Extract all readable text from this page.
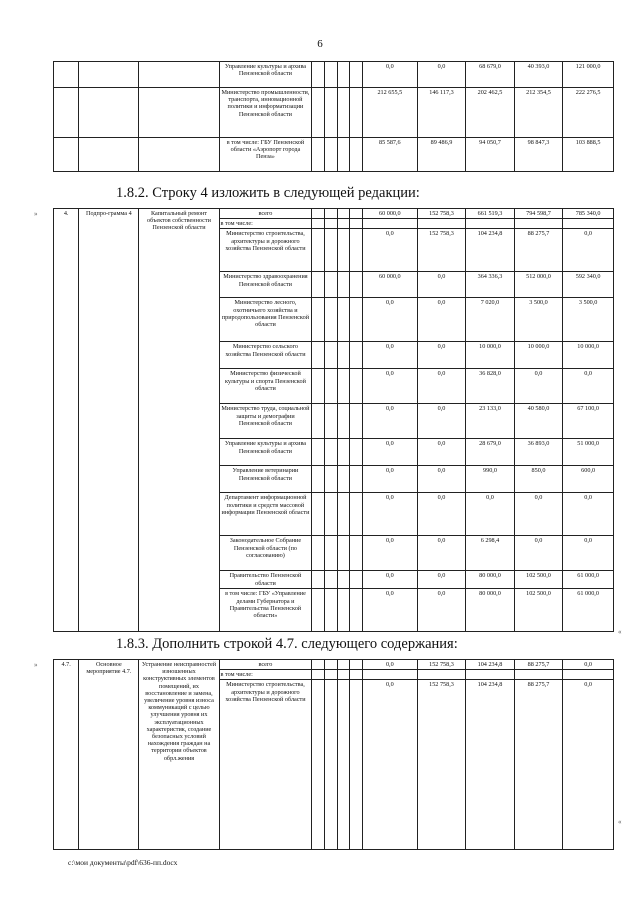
6
			Управление культуры и архива Пензенской области					0,0	0,0	68 679,0	40 393,0	121 000,0
			Министерство промышленности, транспорта, инновационной политики и информатизации Пензенской области					212 655,5	146 117,3	202 462,5	212 354,5	222 276,5
			в том числе: ГБУ Пензенской области «Аэропорт города Пенза»					85 587,6	89 486,9	94 050,7	98 847,3	103 888,5
1.8.2. Строку 4 изложить в следующей редакции:
4.	Подпро-грамма 4	Капитальный ремонт объектов собственности Пензенской области	всего					60 000,0	152 758,3	661 519,3	794 598,7	785 340,0
			в том числе:									
			Министерство строительства, архитектуры и дорожного хозяйства Пензенской области					0,0	152 758,3	104 234,8	88 275,7	0,0
			Министерство здравоохранения Пензенской области					60 000,0	0,0	364 336,3	512 000,0	592 340,0
			Министерство лесного, охотничьего хозяйства и природопользования Пензенской области					0,0	0,0	7 020,0	3 500,0	3 500,0
			Министерство сельского хозяйства Пензенской области					0,0	0,0	10 000,0	10 000,0	10 000,0
			Министерство физической культуры и спорта Пензенской области					0,0	0,0	36 828,0	0,0	0,0
			Министерство труда, социальной защиты и демографии Пензенской области					0,0	0,0	23 133,0	40 580,0	67 100,0
			Управление культуры и архива Пензенской области					0,0	0,0	28 679,0	36 893,0	51 000,0
			Управление ветеринарии Пензенской области					0,0	0,0	990,0	850,0	600,0
			Департамент информационной политики и средств массовой информации Пензенской области					0,0	0,0	0,0	0,0	0,0
			Законодательное Собрание Пензенской области (по согласованию)					0,0	0,0	6 298,4	0,0	0,0
			Правительство Пензенской области					0,0	0,0	80 000,0	102 500,0	61 000,0
			в том числе: ГБУ «Управление делами Губернатора и Правительства Пензенской области»					0,0	0,0	80 000,0	102 500,0	61 000,0
1.8.3. Дополнить строкой 4.7. следующего содержания:
4.7.	Основное мероприятие 4.7.	Устранение неисправностей изношенных конструктивных элементов помещений, их восстановление и замена, увеличение уровня износа коммуникаций с целью улучшения уровня их эксплуатационных характеристик, создание безопасных условий нахождения граждан на территории объектов обрл.жения	всего					0,0	152 758,3	104 234,8	88 275,7	0,0
			в том числе:									
			Министерство строительства, архитектуры и дорожного хозяйства Пензенской области					0,0	152 758,3	104 234,8	88 275,7	0,0
»
«
»
«
c:\мои документы\pdf\636-пп.docx
